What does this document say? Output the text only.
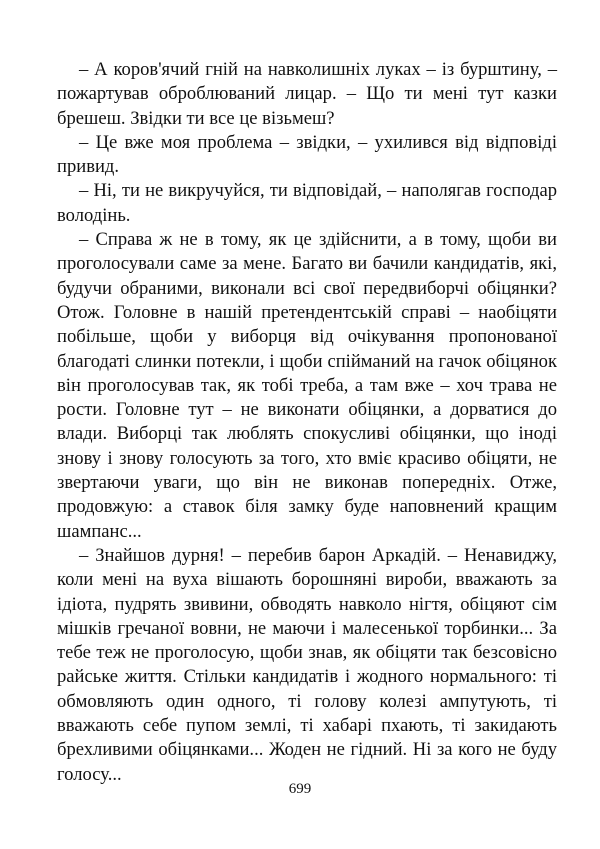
– А коров'ячий гній на навколишніх луках – із бурштину, – пожартував оброблюваний лицар. – Що ти мені тут казки брешеш. Звідки ти все це візьмеш?

– Це вже моя проблема – звідки, – ухилився від відповіді привид.

– Ні, ти не викручуйся, ти відповідай, – наполягав господар володінь.

– Справа ж не в тому, як це здійснити, а в тому, щоби ви проголосували саме за мене. Багато ви бачили кандидатів, які, будучи обраними, виконали всі свої передвиборчі обіцянки? Отож. Головне в нашій претендентській справі – наобіцяти побільше, щоби у виборця від очікування пропонованої благодаті слинки потекли, і щоби спійманий на гачок обіцянок він проголосував так, як тобі треба, а там вже – хоч трава не рости. Головне тут – не виконати обіцянки, а дорватися до влади. Виборці так люблять спокусливі обіцянки, що іноді знову і знову голосують за того, хто вміє красиво обіцяти, не звертаючи уваги, що він не виконав попередніх. Отже, продовжую: а ставок біля замку буде наповнений кращим шампанс...

– Знайшов дурня! – перебив барон Аркадій. – Ненавиджу, коли мені на вуха вішають борошняні вироби, вважають за ідіота, пудрять звивини, обводять навколо нігтя, обіцяют сім мішків гречаної вовни, не маючи і малесенької торбинки... За тебе теж не проголосую, щоби знав, як обіцяти так безсовісно райське життя. Стільки кандидатів і жодного нормального: ті обмовляють один одного, ті голову колезі ампутують, ті вважають себе пупом землі, ті хабарі пхають, ті закидають брехливими обіцянками... Жоден не гідний. Ні за кого не буду голосу...

699
